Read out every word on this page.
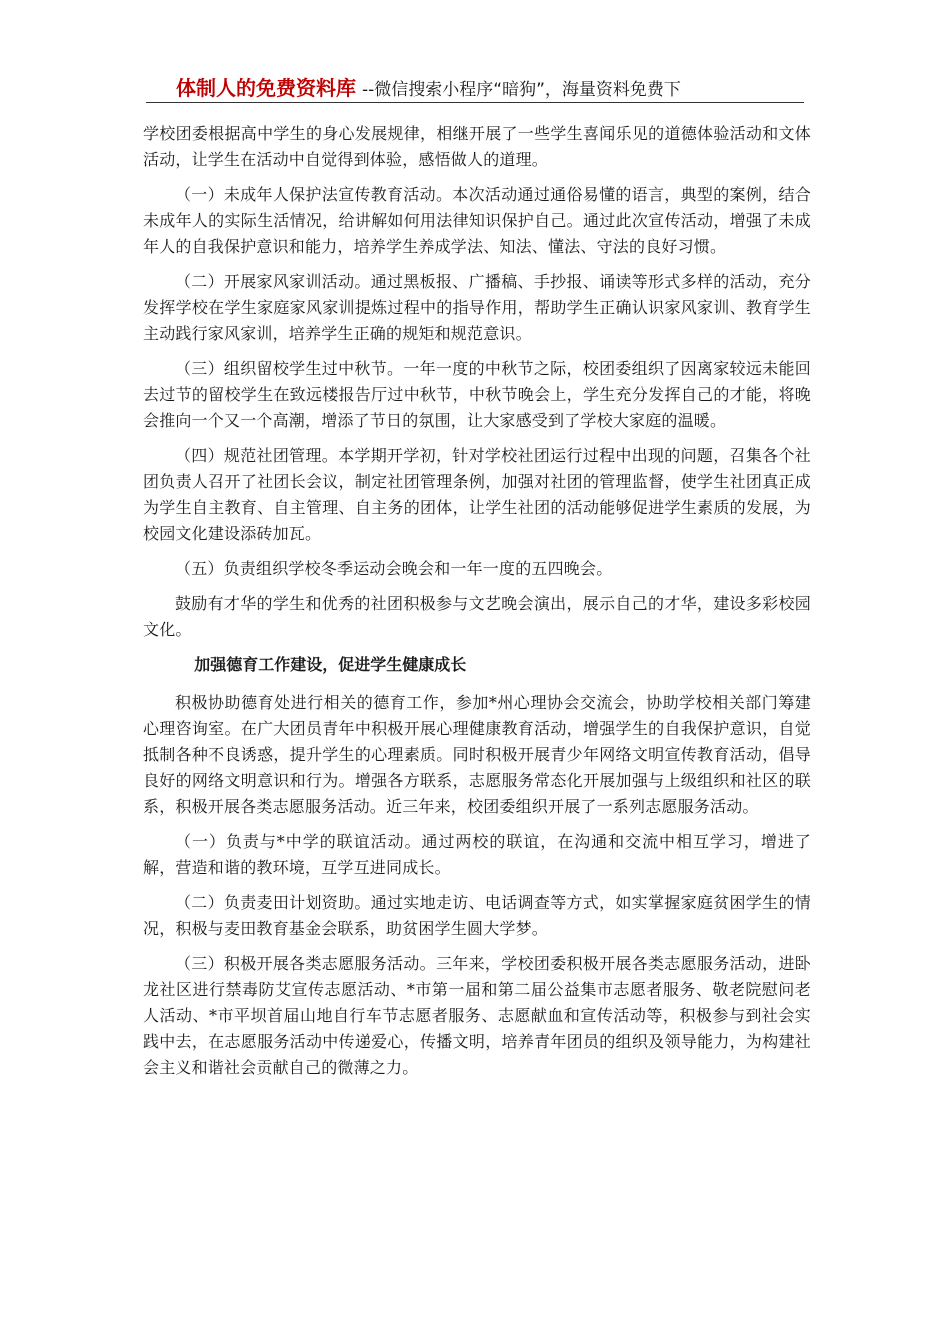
体制人的免费资料库 --微信搜索小程序“暗狗”，海量资料免费下

学校团委根据高中学生的身心发展规律，相继开展了一些学生喜闻乐见的道德体验活动和文体活动，让学生在活动中自觉得到体验，感悟做人的道理。

（一）未成年人保护法宣传教育活动。本次活动通过通俗易懂的语言，典型的案例，结合未成年人的实际生活情况，给讲解如何用法律知识保护自己。通过此次宣传活动，增强了未成年人的自我保护意识和能力，培养学生养成学法、知法、懂法、守法的良好习惯。

（二）开展家风家训活动。通过黑板报、广播稿、手抄报、诵读等形式多样的活动，充分发挥学校在学生家庭家风家训提炼过程中的指导作用，帮助学生正确认识家风家训、教育学生主动践行家风家训，培养学生正确的规矩和规范意识。

（三）组织留校学生过中秋节。一年一度的中秋节之际，校团委组织了因离家较远未能回去过节的留校学生在致远楼报告厅过中秋节，中秋节晚会上，学生充分发挥自己的才能，将晚会推向一个又一个高潮，增添了节日的氛围，让大家感受到了学校大家庭的温暖。

（四）规范社团管理。本学期开学初，针对学校社团运行过程中出现的问题，召集各个社团负责人召开了社团长会议，制定社团管理条例，加强对社团的管理监督，使学生社团真正成为学生自主教育、自主管理、自主务的团体，让学生社团的活动能够促进学生素质的发展，为校园文化建设添砖加瓦。

（五）负责组织学校冬季运动会晚会和一年一度的五四晚会。

鼓励有才华的学生和优秀的社团积极参与文艺晚会演出，展示自己的才华，建设多彩校园文化。

加强德育工作建设，促进学生健康成长

积极协助德育处进行相关的德育工作，参加*州心理协会交流会，协助学校相关部门筹建心理咨询室。在广大团员青年中积极开展心理健康教育活动，增强学生的自我保护意识，自觉抵制各种不良诱惑，提升学生的心理素质。同时积极开展青少年网络文明宣传教育活动，倡导良好的网络文明意识和行为。增强各方联系，志愿服务常态化开展加强与上级组织和社区的联系，积极开展各类志愿服务活动。近三年来，校团委组织开展了一系列志愿服务活动。

（一）负责与*中学的联谊活动。通过两校的联谊，在沟通和交流中相互学习，增进了解，营造和谐的教环境，互学互进同成长。

（二）负责麦田计划资助。通过实地走访、电话调查等方式，如实掌握家庭贫困学生的情况，积极与麦田教育基金会联系，助贫困学生圆大学梦。

（三）积极开展各类志愿服务活动。三年来，学校团委积极开展各类志愿服务活动，进卧龙社区进行禁毒防艾宣传志愿活动、*市第一届和第二届公益集市志愿者服务、敬老院慰问老人活动、*市平坝首届山地自行车节志愿者服务、志愿献血和宣传活动等，积极参与到社会实践中去，在志愿服务活动中传递爱心，传播文明，培养青年团员的组织及领导能力，为构建社会主义和谐社会贡献自己的微薄之力。
